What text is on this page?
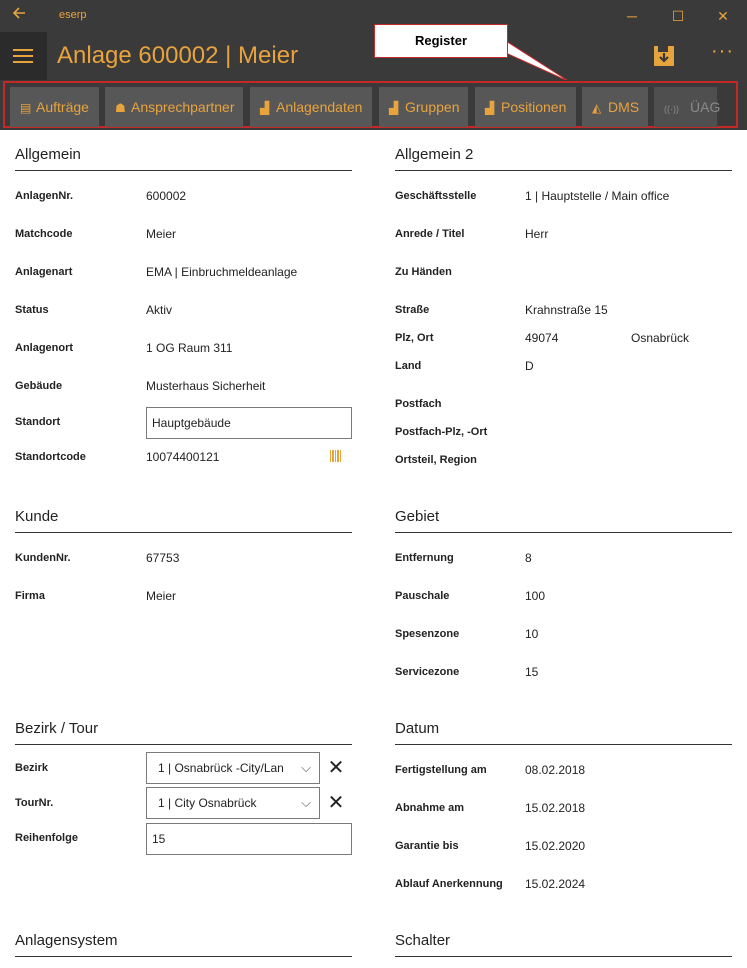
eserp	─	☐	✕
Anlage 600002 | Meier	···
Register
▤ Aufträge	☗ Ansprechpartner	▟ Anlagendaten	▟ Gruppen	▟ Positionen	◭ DMS	((·)) ÜAG
Allgemein
AnlagenNr.	600002
Matchcode	Meier
Anlagenart	EMA | Einbruchmeldeanlage
Status	Aktiv
Anlagenort	1 OG Raum 311
Gebäude	Musterhaus Sicherheit
Standort	Hauptgebäude
Standortcode	10074400121
Allgemein 2
Geschäftsstelle	1 | Hauptstelle / Main office
Anrede / Titel	Herr
Zu Händen
Straße	Krahnstraße 15
Plz, Ort	49074	Osnabrück
Land	D
Postfach
Postfach-Plz, -Ort
Ortsteil, Region
Kunde
KundenNr.	67753
Firma	Meier
Gebiet
Entfernung	8
Pauschale	100
Spesenzone	10
Servicezone	15
Bezirk / Tour
Bezirk	1 | Osnabrück -City/Lan ⌵ ✕
TourNr.	1 | City Osnabrück	⌵ ✕
Reihenfolge	15
Datum
Fertigstellung am	08.02.2018
Abnahme am	15.02.2018
Garantie bis	15.02.2020
Ablauf Anerkennung 15.02.2024
Anlagensystem	Schalter
